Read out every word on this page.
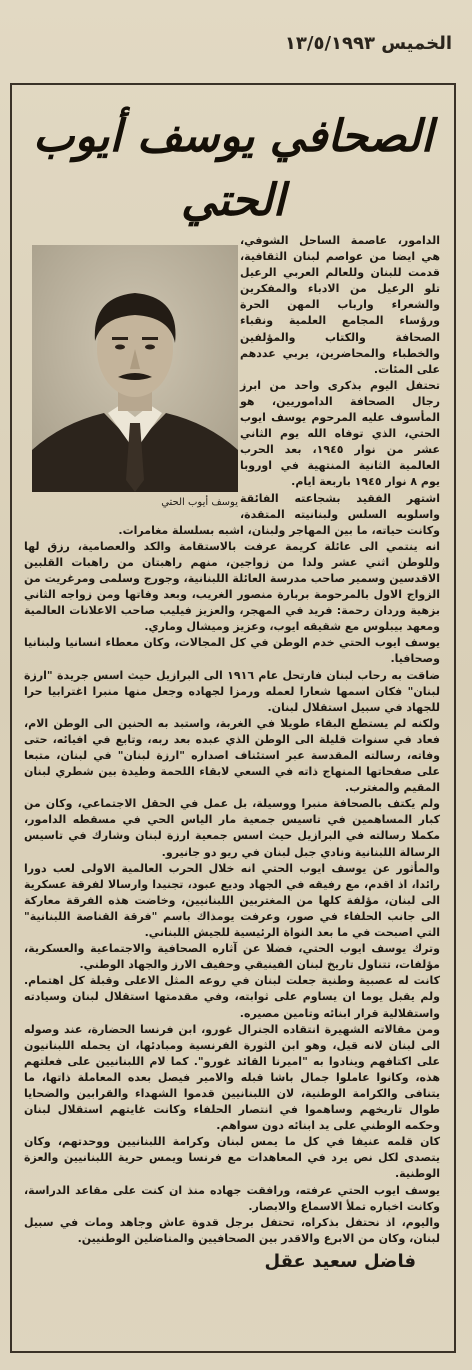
الخميس ١٣/٥/١٩٩٣
الصحافي يوسف أيوب الحتي
يوسف أيوب الحتي

الدامور، عاصمة الساحل الشوفي، هي ايضا من عواصم لبنان الثقافية، قدمت للبنان وللعالم العربي الرعيل تلو الرعيل من الادباء والمفكرين والشعراء وارباب المهن الحرة ورؤساء المجامع العلمية ونقباء الصحافة والكتاب والمؤلفين والخطباء والمحاضرين، يربي عددهم على المئات.

تحتفل اليوم بذكرى واحد من ابرز رجال الصحافة الداموريين، هو المأسوف عليه المرحوم يوسف ايوب الحتي، الذي توفاه الله يوم الثاني عشر من نوار ١٩٤٥، بعد الحرب العالمية الثانية المنتهية في اوروبا يوم ٨ نوار ١٩٤٥ باربعة ايام.

اشتهر الفقيد بشجاعته الفائقة واسلوبه السلس ولبنانيته المتقدة، وكانت حياته، ما بين المهاجر ولبنان، اشبه بسلسلة مغامرات.

انه ينتمي الى عائلة كريمة عرفت بالاستقامة والكد والعصامية، رزق لها وللوطن اثني عشر ولدا من زواجين، منهم راهبتان من راهبات القلبين الاقدسين وسمير صاحب مدرسة العائلة اللبنانية، وجورج وسلمى ومرغريت من الزواج الاول بالمرحومة بربارة منصور الغريب، وبعد وفاتها ومن زواجه الثاني بزهية وردان رحمة: فريد في المهجر، والعزيز فيليب صاحب الاعلانات العالمية ومعهد بيبلوس مع شقيقه ايوب، وعزيز وميشال وماري.

يوسف ايوب الحتي خدم الوطن في كل المجالات، وكان معطاء انسانيا ولبنانيا وصحافيا.

ضاقت به رحاب لبنان فارتحل عام ١٩١٦ الى البرازيل حيث اسس جريدة "ارزة لبنان" فكان اسمها شعارا لعمله ورمزا لجهاده وجعل منها منبرا اغترابيا حرا للجهاد في سبيل استقلال لبنان.

ولكنه لم يستطع البقاء طويلا في الغربة، واستبد به الحنين الى الوطن الام، فعاد في سنوات قليلة الى الوطن الذي عبده بعد ربه، وتابع في افيائه، حتى وفاته، رسالته المقدسة عبر استئناف اصداره "ارزة لبنان" في لبنان، متبعا على صفحاتها المنهاج ذاته في السعي لابقاء اللحمة وطيدة بين شطري لبنان المقيم والمغترب.

ولم يكتف بالصحافة منبرا ووسيلة، بل عمل في الحقل الاجتماعي، وكان من كبار المساهمين في تاسيس جمعية مار الياس الحي في مسقطه الدامور، مكملا رسالته في البرازيل حيث اسس جمعية ارزة لبنان وشارك في تاسيس الرسالة اللبنانية ونادي جبل لبنان في ريو دو جانيرو.

والمأثور عن يوسف ايوب الحتي انه خلال الحرب العالمية الاولى لعب دورا رائدا، اذ اقدم، مع رفيقه في الجهاد وديع عبود، تجنيدا وارسالا لفرقة عسكرية الى لبنان، مؤلفة كلها من المغتربين اللبنانيين، وخاضت هذه الفرقة معاركة الى جانب الحلفاء في صور، وعرفت يومذاك باسم "فرقة القناصة اللبنانية" التي اصبحت في ما بعد النواة الرئيسية للجيش اللبناني.

وترك يوسف ايوب الحتي، فضلا عن آثاره الصحافية والاجتماعية والعسكرية، مؤلفات، تتناول تاريخ لبنان الفينيقي وحفيف الارز والجهاد الوطني.

كانت له عصبية وطنية جعلت لبنان في روعه المثل الاعلى وقبلة كل اهتمام. ولم يقبل يوما ان يساوم على ثوابته، وفي مقدمتها استقلال لبنان وسيادته واستقلالية قرار ابنائه وتامين مصيره.

ومن مقالاته الشهيرة انتقاده الجنرال غورو، ابن فرنسا الحضارة، عند وصوله الى لبنان لانه قيل، وهو ابن الثورة الفرنسية ومبادئها، ان يحمله اللبنانيون على اكتافهم وينادوا به "اميرنا القائد غورو". كما لام اللبنانيين على فعلتهم هذه، وكانوا عاملوا جمال باشا قبله والامير فيصل بعده المعاملة ذاتها، ما يتنافى والكرامة الوطنية، لان اللبنانيين قدموا الشهداء والقرابين والضحايا طوال تاريخهم وساهموا في انتصار الحلفاء وكانت غايتهم استقلال لبنان وحكمه الوطني على يد ابنائه دون سواهم.

كان قلمه عنيفا في كل ما يمس لبنان وكرامة اللبنانيين ووحدتهم، وكان يتصدى لكل نص يرد في المعاهدات مع فرنسا ويمس حرية اللبنانيين والعزة الوطنية.

يوسف ايوب الحتي عرفته، ورافقت جهاده منذ ان كنت على مقاعد الدراسة، وكانت اخباره تملأ الاسماع والابصار.

واليوم، اذ نحتفل بذكراه، تحتفل برجل قدوة عاش وجاهد ومات في سبيل لبنان، وكان من الابرع والاقدر بين الصحافيين والمناضلين الوطنيين.

فاضل سعيد عقل
